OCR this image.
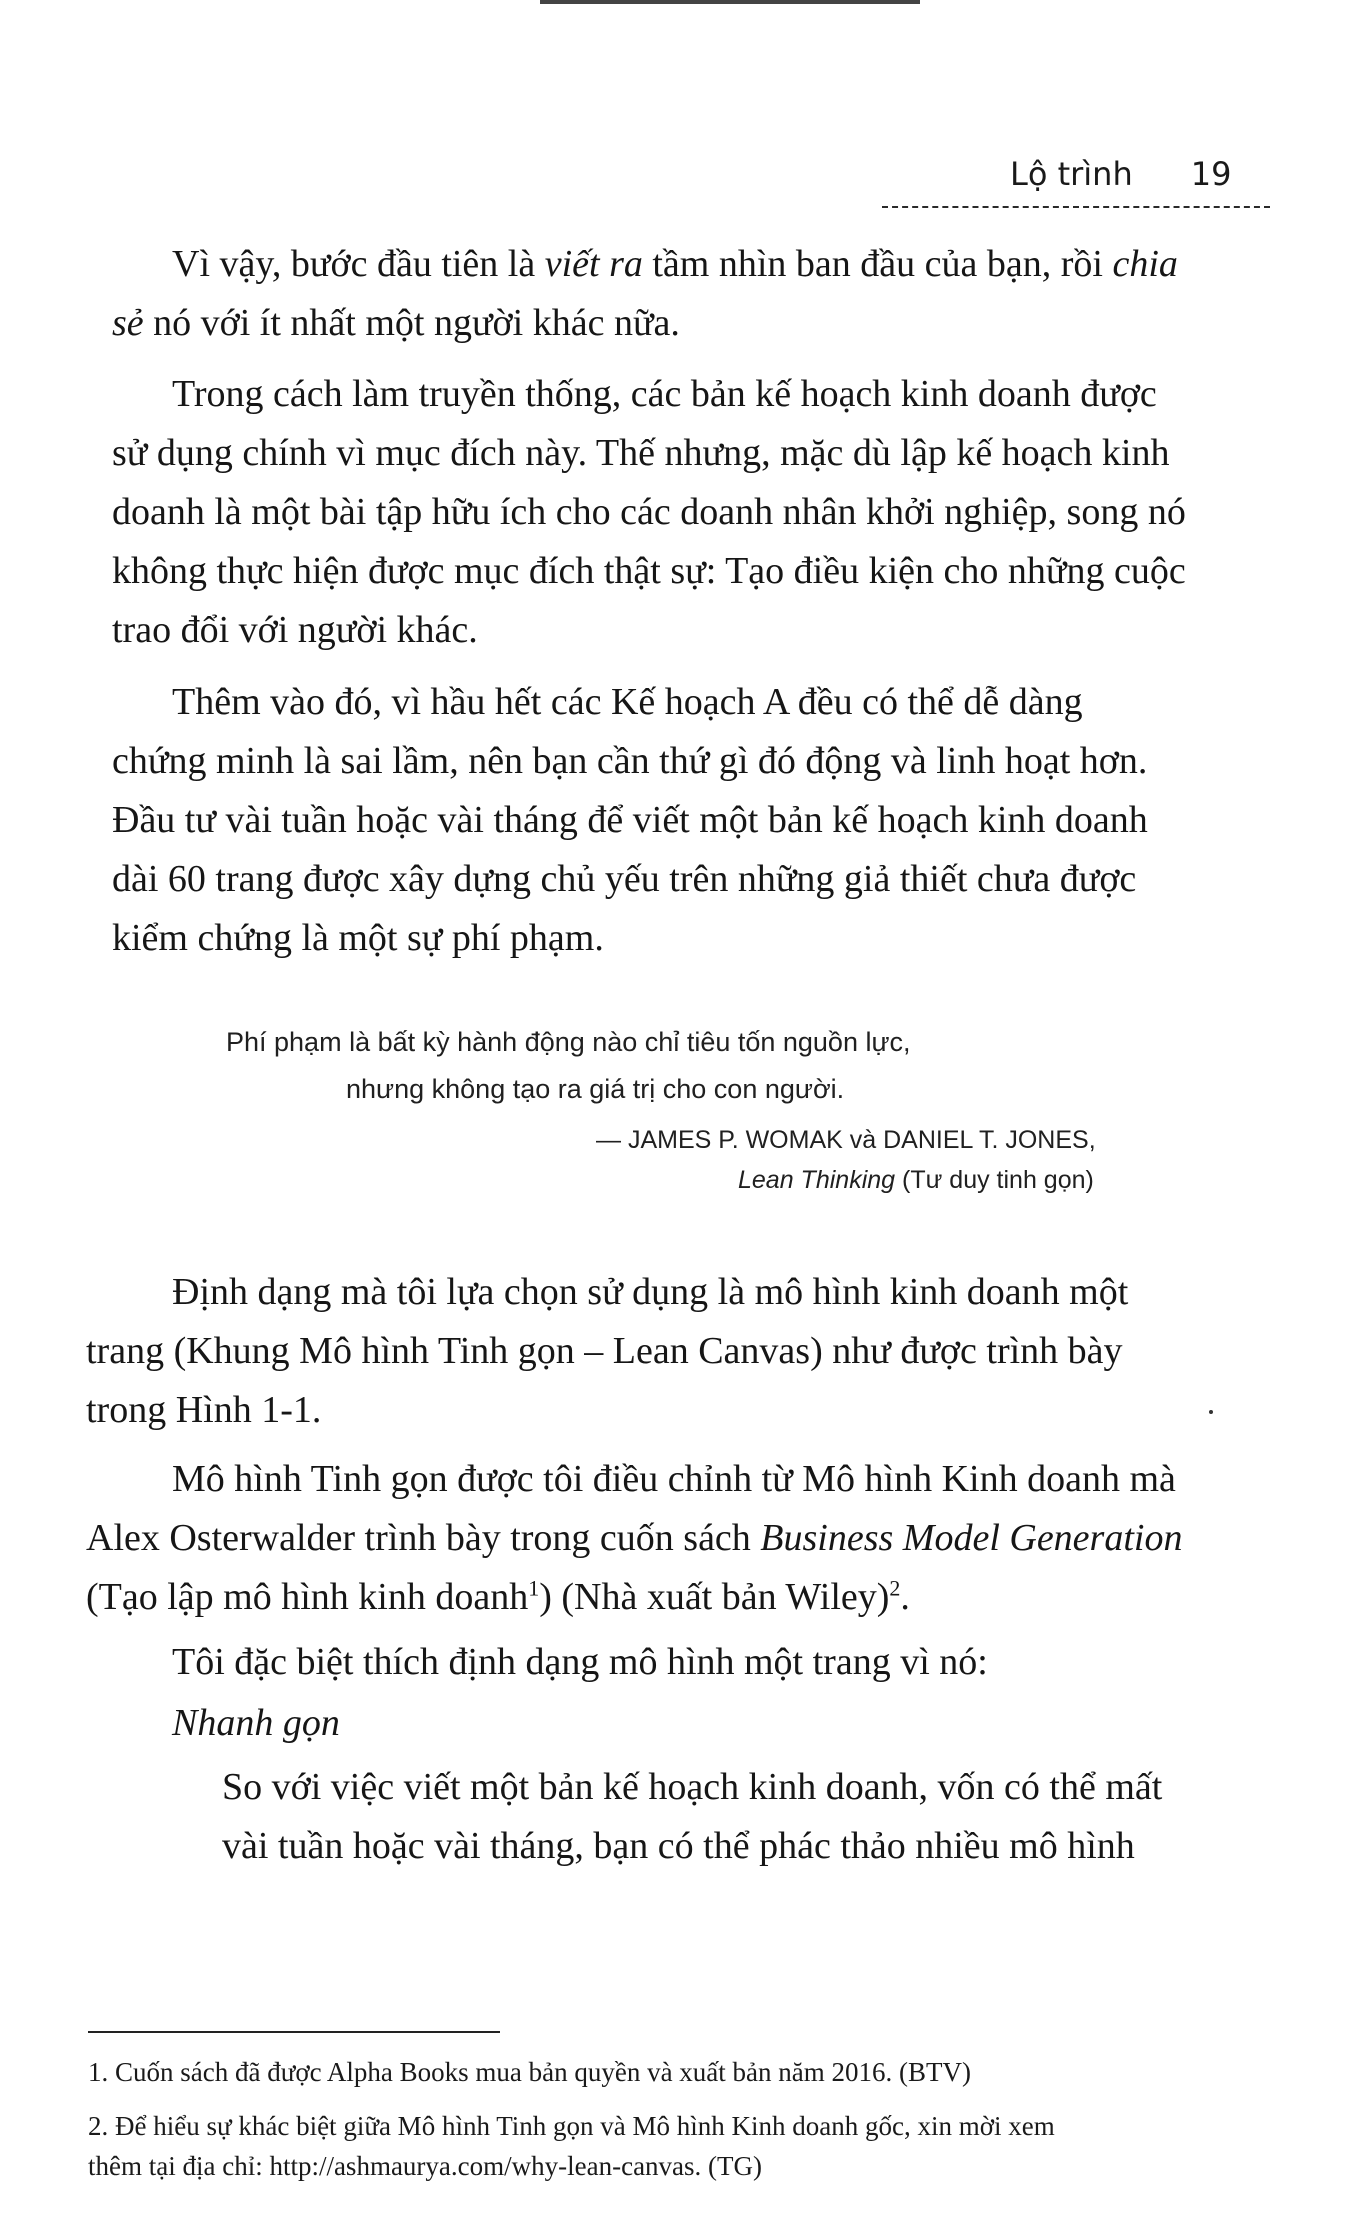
Lộ trình 19
Vì vậy, bước đầu tiên là viết ra tầm nhìn ban đầu của bạn, rồi chia
sẻ nó với ít nhất một người khác nữa.
Trong cách làm truyền thống, các bản kế hoạch kinh doanh được
sử dụng chính vì mục đích này. Thế nhưng, mặc dù lập kế hoạch kinh
doanh là một bài tập hữu ích cho các doanh nhân khởi nghiệp, song nó
không thực hiện được mục đích thật sự: Tạo điều kiện cho những cuộc
trao đổi với người khác.
Thêm vào đó, vì hầu hết các Kế hoạch A đều có thể dễ dàng
chứng minh là sai lầm, nên bạn cần thứ gì đó động và linh hoạt hơn.
Đầu tư vài tuần hoặc vài tháng để viết một bản kế hoạch kinh doanh
dài 60 trang được xây dựng chủ yếu trên những giả thiết chưa được
kiểm chứng là một sự phí phạm.
Phí phạm là bất kỳ hành động nào chỉ tiêu tốn nguồn lực,
nhưng không tạo ra giá trị cho con người.
— JAMES P. WOMAK và DANIEL T. JONES,
Lean Thinking (Tư duy tinh gọn)
Định dạng mà tôi lựa chọn sử dụng là mô hình kinh doanh một
trang (Khung Mô hình Tinh gọn – Lean Canvas) như được trình bày
trong Hình 1-1.
Mô hình Tinh gọn được tôi điều chỉnh từ Mô hình Kinh doanh mà
Alex Osterwalder trình bày trong cuốn sách Business Model Generation
(Tạo lập mô hình kinh doanh$^1$) (Nhà xuất bản Wiley)$^2$.
Tôi đặc biệt thích định dạng mô hình một trang vì nó:
Nhanh gọn
So với việc viết một bản kế hoạch kinh doanh, vốn có thể mất
vài tuần hoặc vài tháng, bạn có thể phác thảo nhiều mô hình
1. Cuốn sách đã được Alpha Books mua bản quyền và xuất bản năm 2016. (BTV)
2. Để hiểu sự khác biệt giữa Mô hình Tinh gọn và Mô hình Kinh doanh gốc, xin mời xem
thêm tại địa chỉ: http://ashmaurya.com/why-lean-canvas. (TG)
